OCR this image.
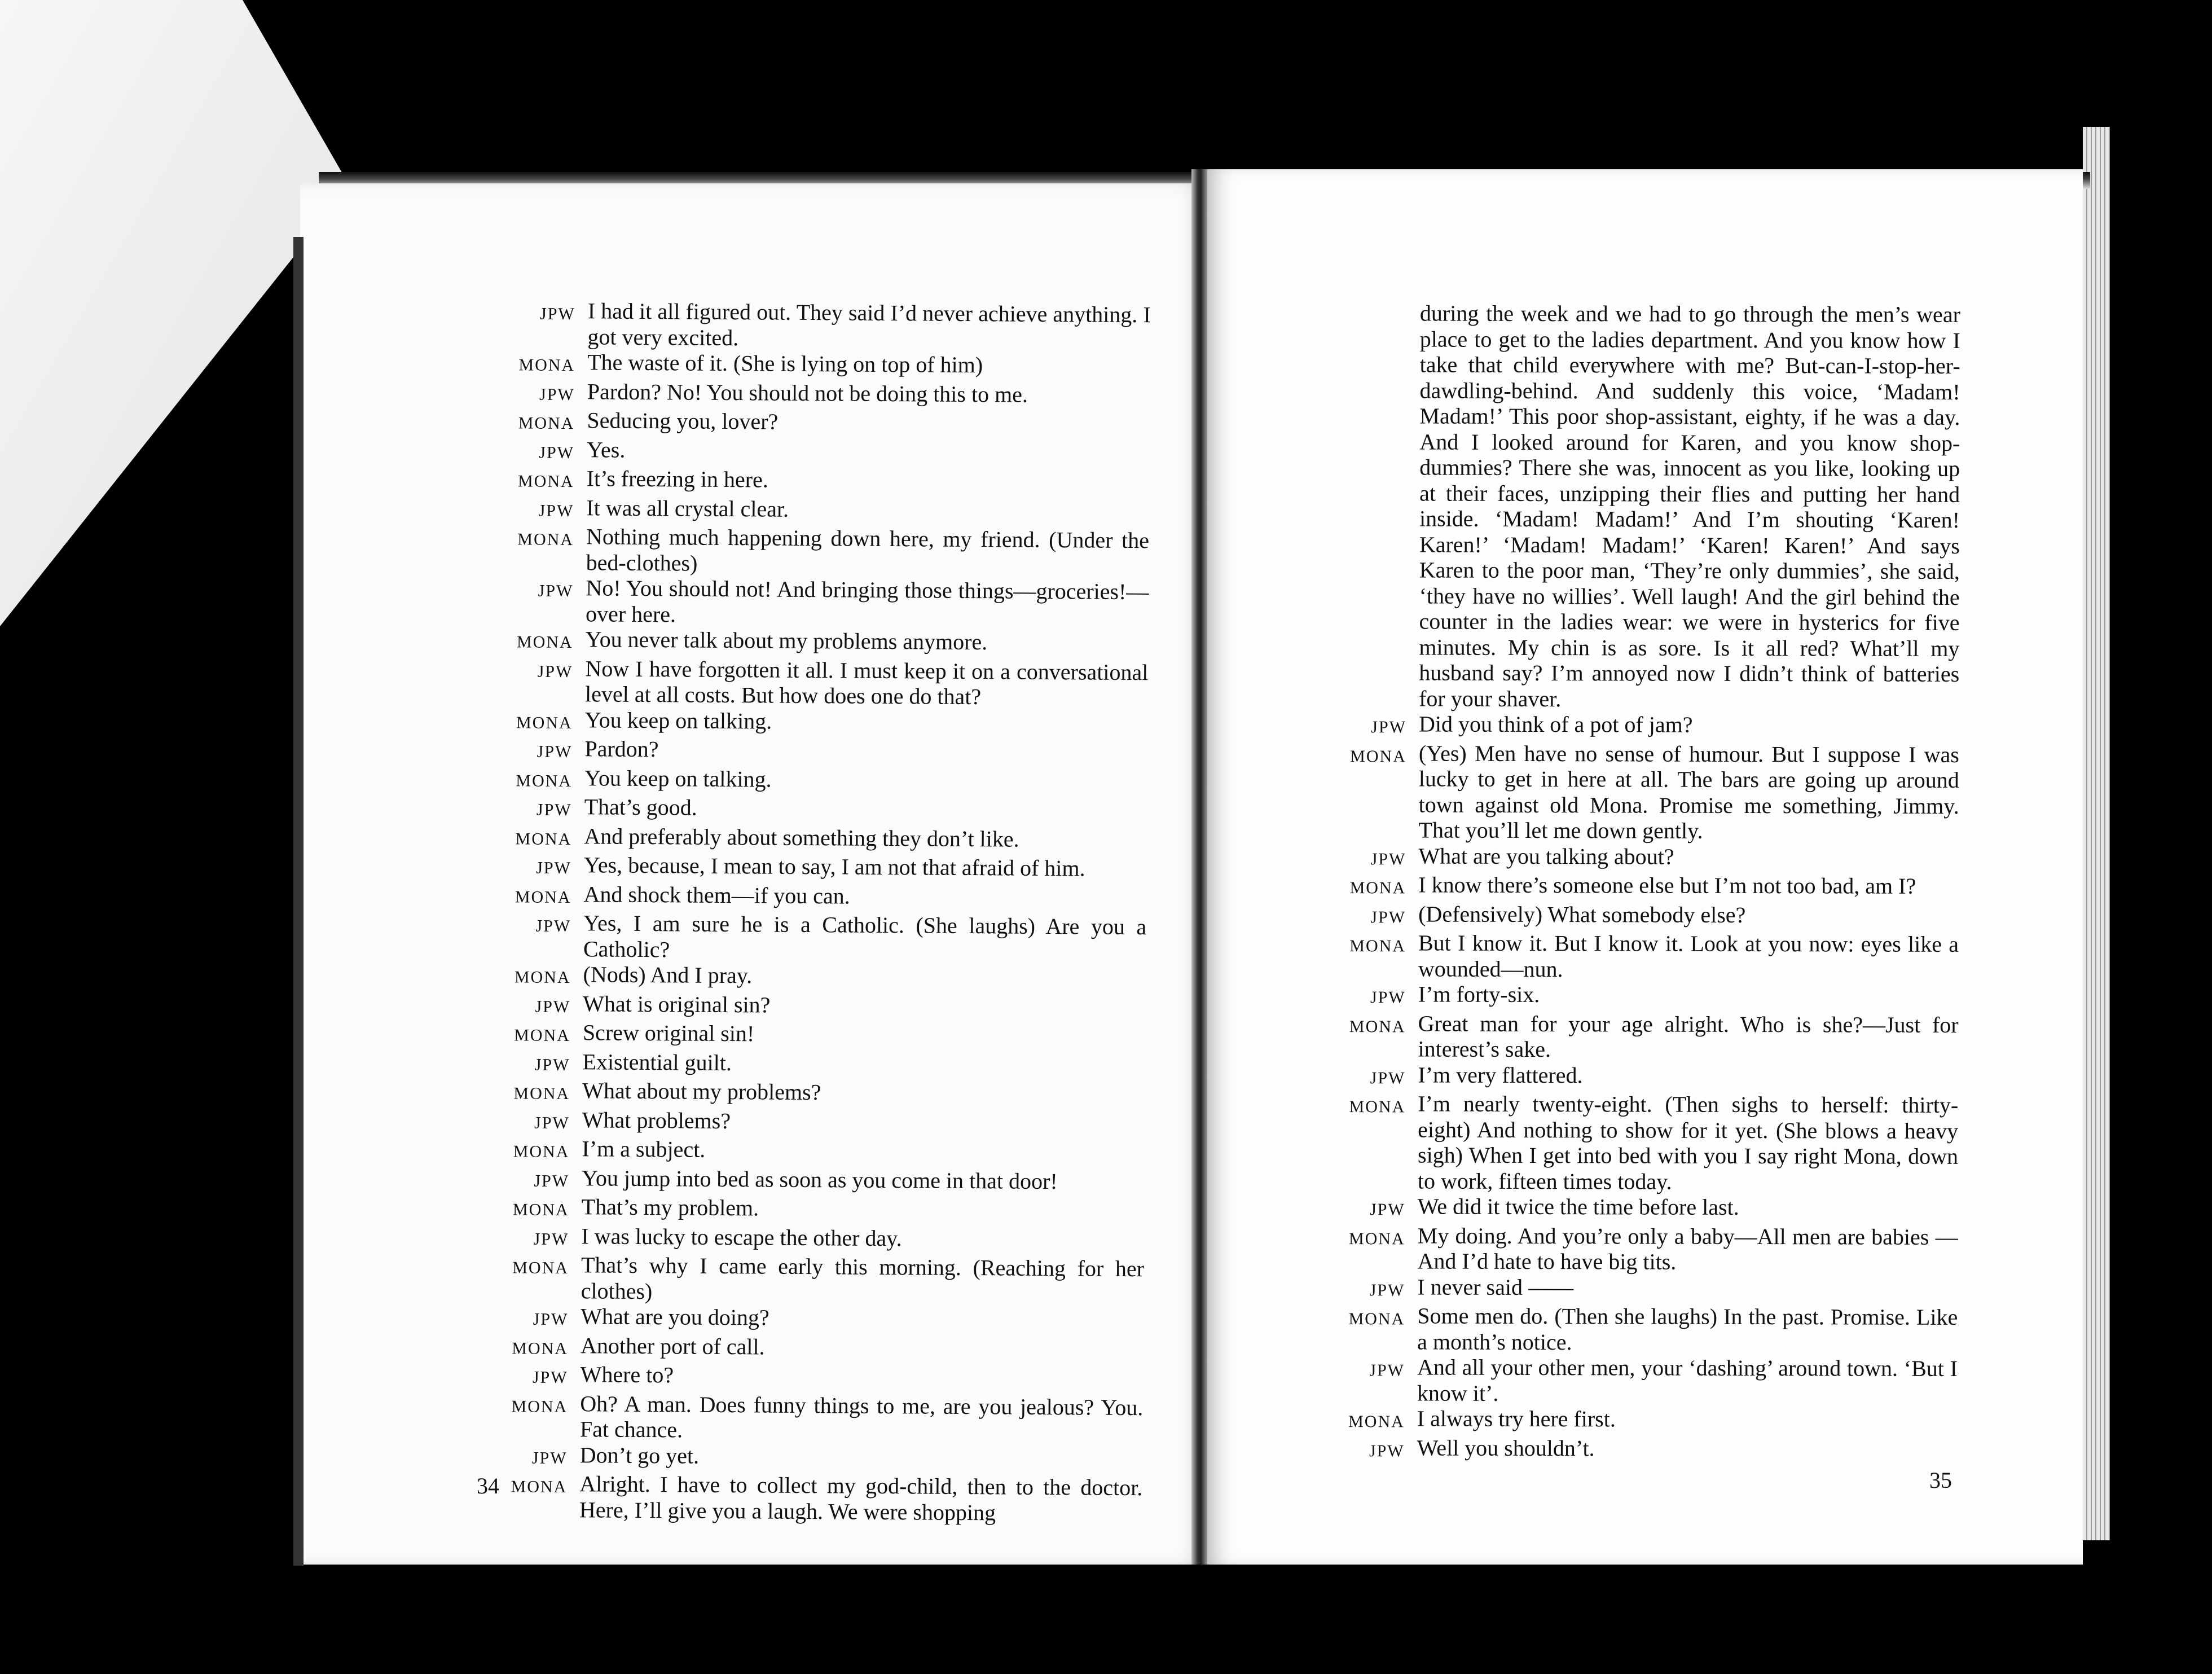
JPW I had it all figured out. They said I’d never achieve anything. I got very excited.
MONA The waste of it. (She is lying on top of him)
JPW Pardon? No! You should not be doing this to me.
MONA Seducing you, lover?
JPW Yes.
MONA It’s freezing in here.
JPW It was all crystal clear.
MONA Nothing much happening down here, my friend. (Under the bed-clothes)
JPW No! You should not! And bringing those things—groceries!—over here.
MONA You never talk about my problems anymore.
JPW Now I have forgotten it all. I must keep it on a conversational level at all costs. But how does one do that?
MONA You keep on talking.
JPW Pardon?
MONA You keep on talking.
JPW That’s good.
MONA And preferably about something they don’t like.
JPW Yes, because, I mean to say, I am not that afraid of him.
MONA And shock them—if you can.
JPW Yes, I am sure he is a Catholic. (She laughs) Are you a Catholic?
MONA (Nods) And I pray.
JPW What is original sin?
MONA Screw original sin!
JPW Existential guilt.
MONA What about my problems?
JPW What problems?
MONA I’m a subject.
JPW You jump into bed as soon as you come in that door!
MONA That’s my problem.
JPW I was lucky to escape the other day.
MONA That’s why I came early this morning. (Reaching for her clothes)
JPW What are you doing?
MONA Another port of call.
JPW Where to?
MONA Oh? A man. Does funny things to me, are you jealous? You. Fat chance.
JPW Don’t go yet.
MONA Alright. I have to collect my god-child, then to the doctor. Here, I’ll give you a laugh. We were shopping
during the week and we had to go through the men’s wear place to get to the ladies department. And you know how I take that child everywhere with me? But-can-I-stop-her-dawdling-behind. And suddenly this voice, ‘Madam! Madam!’ This poor shop-assistant, eighty, if he was a day. And I looked around for Karen, and you know shop-dummies? There she was, innocent as you like, looking up at their faces, unzipping their flies and putting her hand inside. ‘Madam! Madam!’ And I’m shouting ‘Karen! Karen!’ ‘Madam! Madam!’ ‘Karen! Karen!’ And says Karen to the poor man, ‘They’re only dummies’, she said, ‘they have no willies’. Well laugh! And the girl behind the counter in the ladies wear: we were in hysterics for five minutes. My chin is as sore. Is it all red? What’ll my husband say? I’m annoyed now I didn’t think of batteries for your shaver.
JPW Did you think of a pot of jam?
MONA (Yes) Men have no sense of humour. But I suppose I was lucky to get in here at all. The bars are going up around town against old Mona. Promise me something, Jimmy. That you’ll let me down gently.
JPW What are you talking about?
MONA I know there’s someone else but I’m not too bad, am I?
JPW (Defensively) What somebody else?
MONA But I know it. But I know it. Look at you now: eyes like a wounded—nun.
JPW I’m forty-six.
MONA Great man for your age alright. Who is she?—Just for interest’s sake.
JPW I’m very flattered.
MONA I’m nearly twenty-eight. (Then sighs to herself: thirty-eight) And nothing to show for it yet. (She blows a heavy sigh) When I get into bed with you I say right Mona, down to work, fifteen times today.
JPW We did it twice the time before last.
MONA My doing. And you’re only a baby—All men are babies —And I’d hate to have big tits.
JPW I never said ——
MONA Some men do. (Then she laughs) In the past. Promise. Like a month’s notice.
JPW And all your other men, your ‘dashing’ around town. ‘But I know it’.
MONA I always try here first.
JPW Well you shouldn’t.
34	35
